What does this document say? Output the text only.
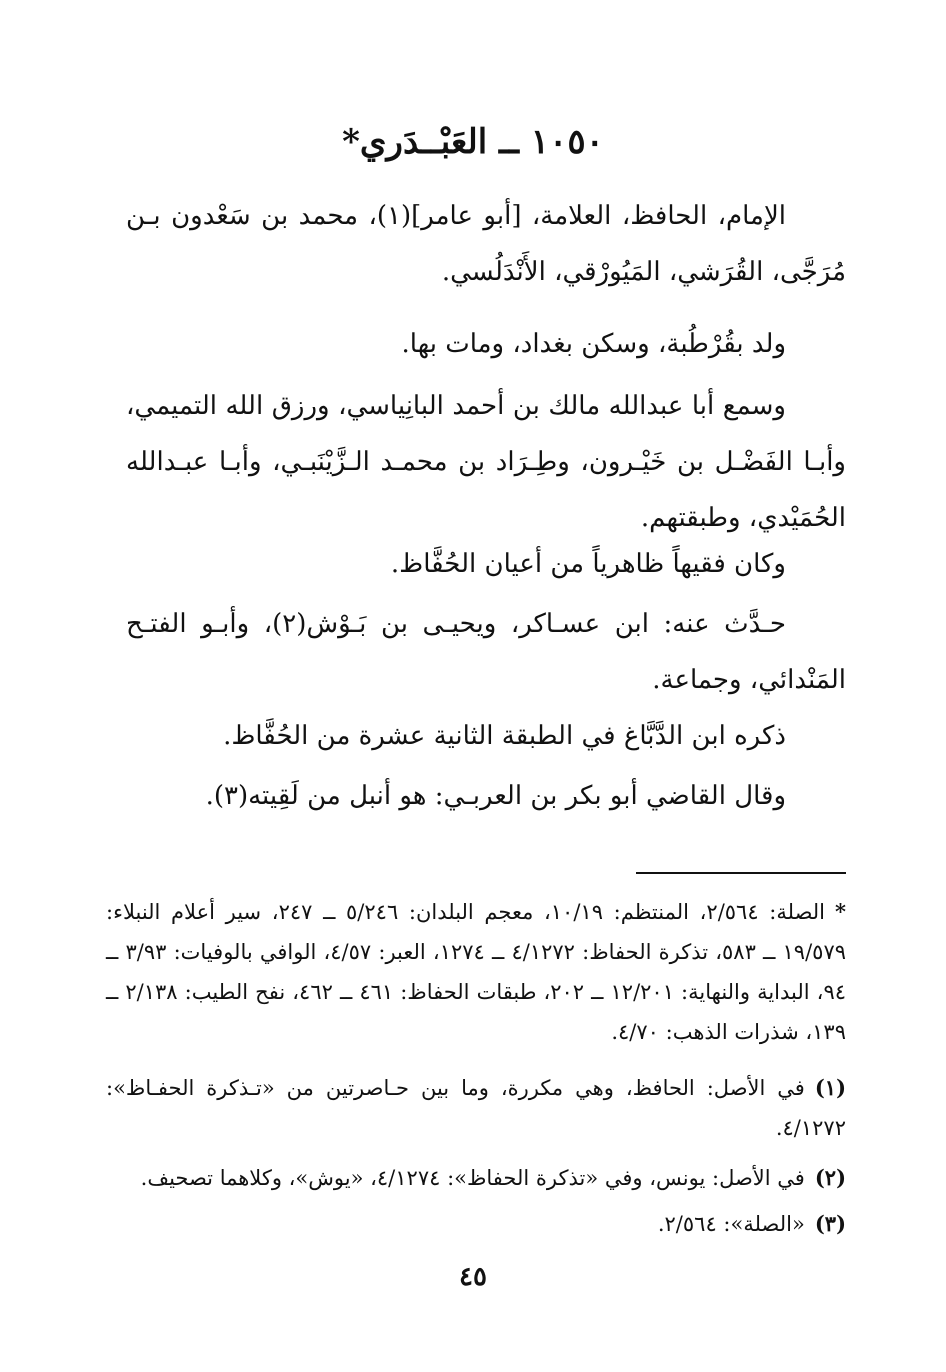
١٠٥٠ ــ العَبْــدَري*
الإمام، الحافظ، العلامة، [أبو عامر](١)، محمد بن سَعْدون بـن مُرَجَّى، القُرَشي، المَيُورْقي، الأَنْدَلُسي.
ولد بقُرْطُبة، وسكن بغداد، ومات بها.
وسمع أبا عبدالله مالك بن أحمد البانِياسي، ورزق الله التميمي، وأبـا الفَضْـل بن خَيْـرون، وطِـرَاد بن محمـد الـزَّيْنَبـي، وأبـا عبـدالله الحُمَيْدي، وطبقتهم.
وكان فقيهاً ظاهرياً من أعيان الحُفَّاظ.
حـدَّث عنه: ابن عسـاكر، ويحيـى بن بَـوْش(٢)، وأبـو الفتـح المَنْدائي، وجماعة.
ذكره ابن الدَّبَّاغ في الطبقة الثانية عشرة من الحُفَّاظ.
وقال القاضي أبو بكر بن العربـي: هو أنبل من لَقِيته(٣).
*الصلة: ٢/٥٦٤، المنتظم: ١٠/١٩، معجم البلدان: ٥/٢٤٦ ــ ٢٤٧، سير أعلام النبلاء: ١٩/٥٧٩ ــ ٥٨٣، تذكرة الحفاظ: ٤/١٢٧٢ ــ ١٢٧٤، العبر: ٤/٥٧، الوافي بالوفيات: ٣/٩٣ ــ ٩٤، البداية والنهاية: ١٢/٢٠١ ــ ٢٠٢، طبقات الحفاظ: ٤٦١ ــ ٤٦٢، نفح الطيب: ٢/١٣٨ ــ ١٣٩، شذرات الذهب: ٤/٧٠.
(١)في الأصل: الحافظ، وهي مكررة، وما بين حـاصرتين من «تـذكرة الحفـاظ»: ٤/١٢٧٢.
(٢)في الأصل: يونس، وفي «تذكرة الحفاظ»: ٤/١٢٧٤، «يوش»، وكلاهما تصحيف.
(٣)«الصلة»: ٢/٥٦٤.
٤٥
